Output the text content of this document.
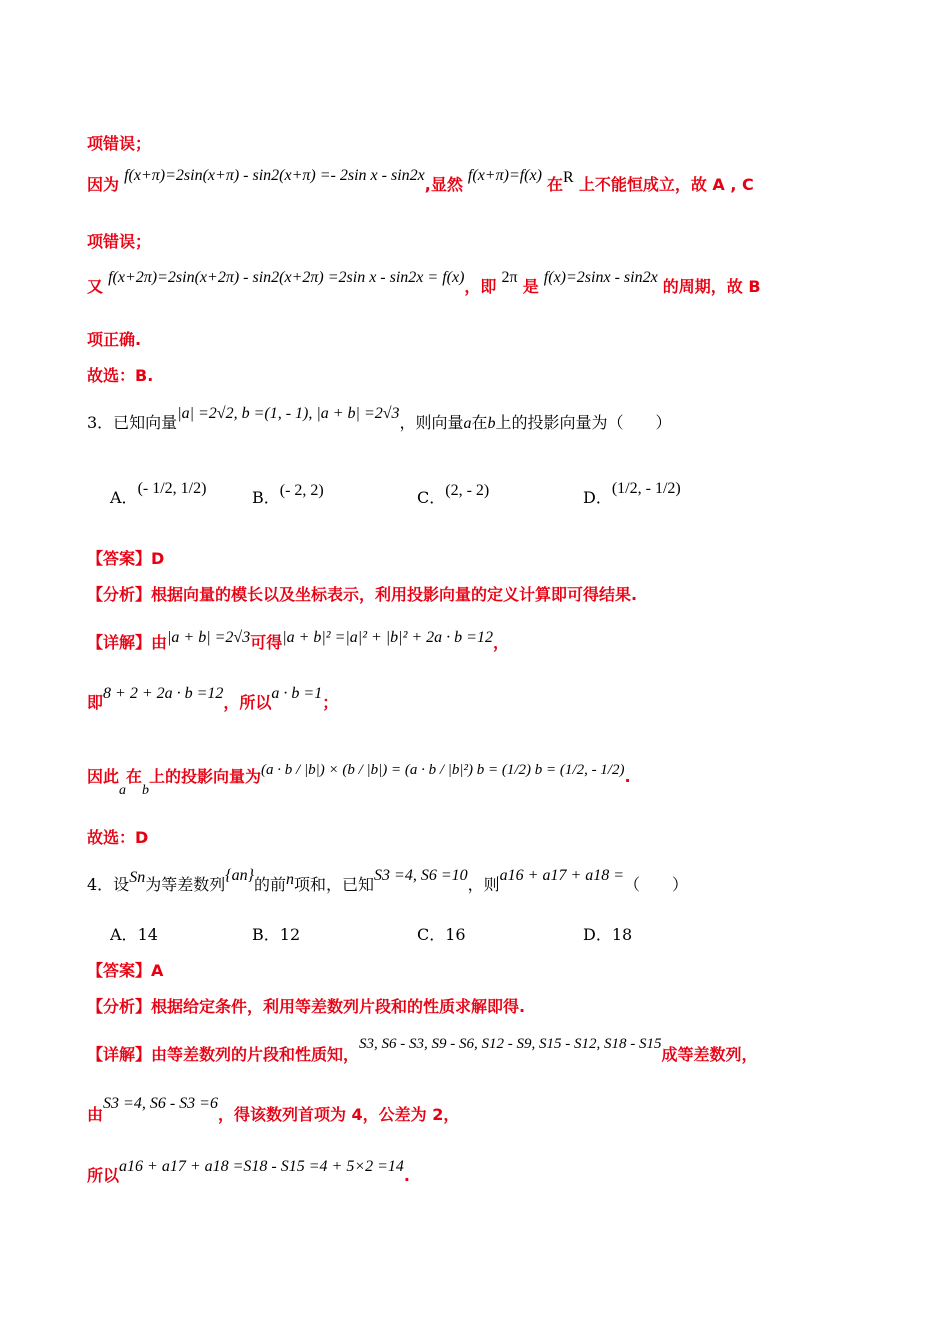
项错误；
因为 f(x+π)=2sin(x+π) - sin2(x+π) =- 2sin x - sin2x,显然 f(x+π)=f(x) 在R 上不能恒成立，故 A , C
项错误；
又 f(x+2π)=2sin(x+2π) - sin2(x+2π) =2sin x - sin2x = f(x)，即 2π 是 f(x)=2sinx - sin2x 的周期，故 B
项正确.
故选：B.
3．已知向量|a| =2√2, b =(1, - 1), |a + b| =2√3，则向量a在b上的投影向量为（　　）
A．(- 1/2, 1/2)	B．(- 2, 2)	C．(2, - 2)	D．(1/2, - 1/2)
【答案】D
【分析】根据向量的模长以及坐标表示，利用投影向量的定义计算即可得结果.
【详解】由|a + b| =2√3可得|a + b|² =|a|² + |b|² + 2a · b =12，
即8 + 2 + 2a · b =12，所以a · b =1；
因此a在b上的投影向量为(a · b / |b|) × (b / |b|) = (a · b / |b|²) b = (1/2) b = (1/2, - 1/2).
故选：D
4．设Sn为等差数列{an}的前n项和，已知S3 =4, S6 =10，则a16 + a17 + a18 =（　　）
A．14	B．12	C．16	D．18
【答案】A
【分析】根据给定条件，利用等差数列片段和的性质求解即得.
【详解】由等差数列的片段和性质知，S3, S6 - S3, S9 - S6, S12 - S9, S15 - S12, S18 - S15成等差数列，
由S3 =4, S6 - S3 =6，得该数列首项为 4，公差为 2，
所以a16 + a17 + a18 =S18 - S15 =4 + 5×2 =14.
